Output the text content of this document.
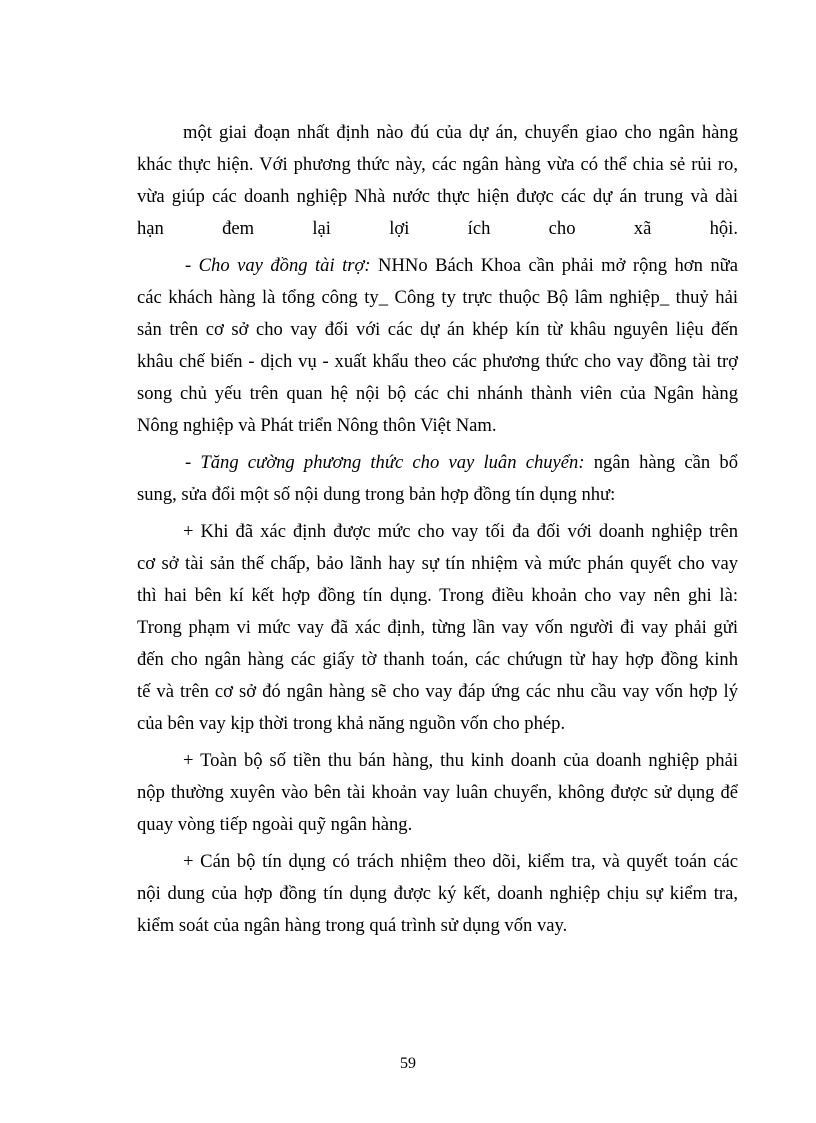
một giai đoạn nhất định nào đú của dự án, chuyển giao cho ngân hàng
khác thực hiện. Với phương thức này, các ngân hàng vừa có thể chia sẻ rủi ro,
vừa giúp các doanh nghiệp Nhà nước thực hiện được các dự án trung và dài
hạn đem lại lợi ích cho xã hội.
- Cho vay đồng tài trợ: NHNo Bách Khoa cần phải mở rộng hơn nữa
các khách hàng là tổng công ty_ Công ty trực thuộc Bộ lâm nghiệp_ thuỷ hải
sản trên cơ sở cho vay đối với các dự án khép kín từ khâu nguyên liệu đến
khâu chế biến - dịch vụ - xuất khẩu theo các phương thức cho vay đồng tài trợ
song chủ yếu trên quan hệ nội bộ các chi nhánh thành viên của Ngân hàng
Nông nghiệp và Phát triển Nông thôn Việt Nam.
- Tăng cường phương thức cho vay luân chuyển: ngân hàng cần bổ
sung, sửa đổi một số nội dung trong bản hợp đồng tín dụng như:
+ Khi đã xác định được mức cho vay tối đa đối với doanh nghiệp trên
cơ sở tài sản thế chấp, bảo lãnh hay sự tín nhiệm và mức phán quyết cho vay
thì hai bên kí kết hợp đồng tín dụng. Trong điều khoản cho vay nên ghi là:
Trong phạm vi mức vay đã xác định, từng lần vay vốn người đi vay phải gửi
đến cho ngân hàng các giấy tờ thanh toán, các chứugn từ hay hợp đồng kinh
tế và trên cơ sở đó ngân hàng sẽ cho vay đáp ứng các nhu cầu vay vốn hợp lý
của bên vay kịp thời trong khả năng nguồn vốn cho phép.
+ Toàn bộ số tiền thu bán hàng, thu kinh doanh của doanh nghiệp phải
nộp thường xuyên vào bên tài khoản vay luân chuyển, không được sử dụng để
quay vòng tiếp ngoài quỹ ngân hàng.
+ Cán bộ tín dụng có trách nhiệm theo dõi, kiểm tra, và quyết toán các
nội dung của hợp đồng tín dụng được ký kết, doanh nghiệp chịu sự kiểm tra,
kiểm soát của ngân hàng trong quá trình sử dụng vốn vay.
59
